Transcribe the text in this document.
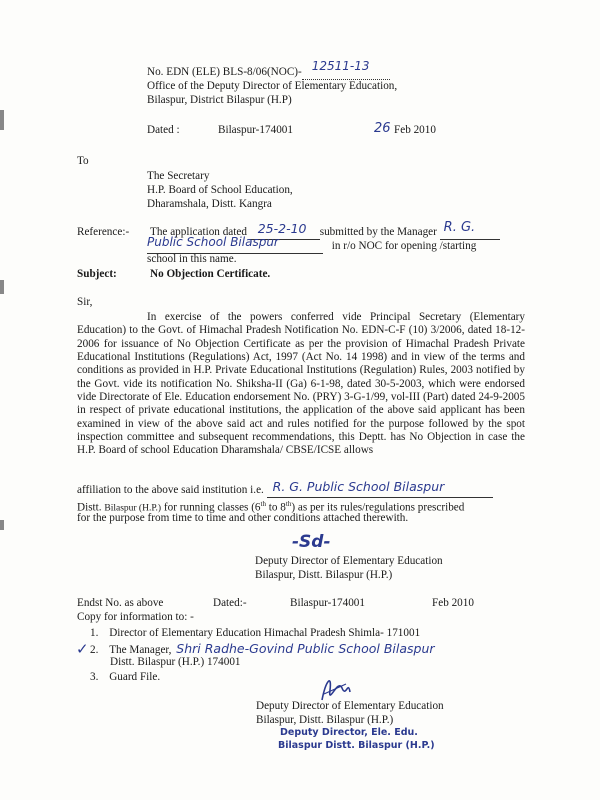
No. EDN (ELE) BLS-8/06(NOC)- 12511-13

Office of the Deputy Director of Elementary Education,
Bilaspur, District Bilaspur (H.P)
Dated :	Bilaspur-174001	26 Feb 2010
To
The Secretary
H.P. Board of School Education,
Dharamshala, Distt. Kangra
Reference:- The application dated 25-2-10 submitted by the Manager R. G.

Public School Bilaspur	in r/o NOC for opening /starting
school in this name.
Subject:	No Objection Certificate.
Sir,
In exercise of the powers conferred vide Principal Secretary (Elementary Education) to the Govt. of Himachal Pradesh Notification No. EDN-C-F (10) 3/2006, dated 18-12-2006 for issuance of No Objection Certificate as per the provision of Himachal Pradesh Private Educational Institutions (Regulations) Act, 1997 (Act No. 14 1998) and in view of the terms and conditions as provided in H.P. Private Educational Institutions (Regulation) Rules, 2003 notified by the Govt. vide its notification No. Shiksha-II (Ga) 6-1-98, dated 30-5-2003, which were endorsed vide Directorate of Ele. Education endorsement No. (PRY) 3-G-1/99, vol-III (Part) dated 24-9-2005 in respect of private educational institutions, the application of the above said applicant has been examined in view of the above said act and rules notified for the purpose followed by the spot inspection committee and subsequent recommendations, this Deptt. has No Objection in case the H.P. Board of school Education Dharamshala/ CBSE/ICSE allows
affiliation to the above said institution i.e. R. G. Public School Bilaspur

Distt. Bilaspur (H.P.) for running classes (6th to 8th) as per its rules/regulations prescribed
for the purpose from time to time and other conditions attached therewith.
-Sd-
Deputy Director of Elementary Education
Bilaspur, Distt. Bilaspur (H.P.)
Endst No. as above	Dated:-	Bilaspur-174001	Feb 2010
Copy for information to: -
1. Director of Elementary Education Himachal Pradesh Shimla- 171001
2. The Manager, Shri Radhe-Govind Public School Bilaspur
✓
Distt. Bilaspur (H.P.) 174001
3. Guard File.
Deputy Director of Elementary Education
Bilaspur, Distt. Bilaspur (H.P.)
Deputy Director, Ele. Edu.
Bilaspur Distt. Bilaspur (H.P.)
